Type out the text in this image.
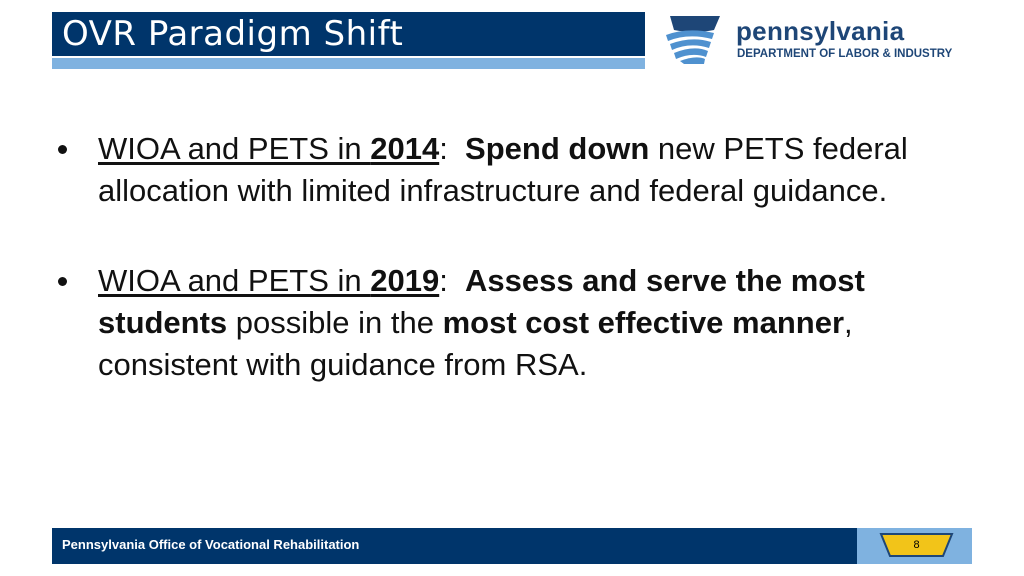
OVR Paradigm Shift	pennsylvania
DEPARTMENT OF LABOR & INDUSTRY

WIOA and PETS in 2014: Spend down new PETS federal allocation with limited infrastructure and federal guidance.

WIOA and PETS in 2019: Assess and serve the most students possible in the most cost effective manner, consistent with guidance from RSA.

Pennsylvania Office of Vocational Rehabilitation	8
